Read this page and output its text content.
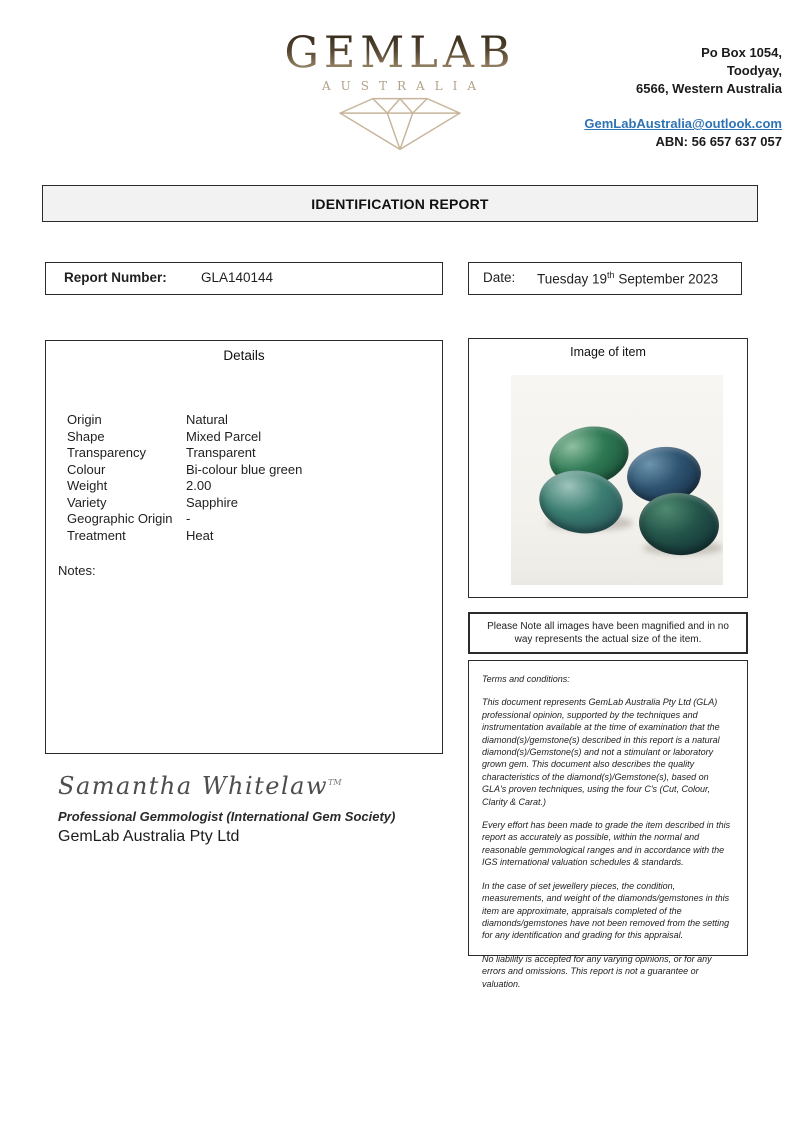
GEMLAB
AUSTRALIA
Po Box 1054,
Toodyay,
6566, Western Australia
GemLabAustralia@outlook.com
ABN: 56 657 637 057
IDENTIFICATION REPORT
Report Number:	GLA140144	Date: Tuesday 19th September 2023
Details
Origin	Natural
Shape	Mixed Parcel
Transparency	Transparent
Colour	Bi-colour blue green
Weight	2.00
Variety	Sapphire
Geographic Origin	-
Treatment	Heat
Notes:
Image of item
Please Note all images have been magnified and in no way represents the actual size of the item.

Terms and conditions:

This document represents GemLab Australia Pty Ltd (GLA) professional opinion, supported by the techniques and instrumentation available at the time of examination that the diamond(s)/gemstone(s) described in this report is a natural diamond(s)/Gemstone(s) and not a stimulant or laboratory grown gem. This document also describes the quality characteristics of the diamond(s)/Gemstone(s), based on GLA's proven techniques, using the four C's (Cut, Colour, Clarity & Carat.)

Every effort has been made to grade the item described in this report as accurately as possible, within the normal and reasonable gemmological ranges and in accordance with the IGS international valuation schedules & standards.

In the case of set jewellery pieces, the condition, measurements, and weight of the diamonds/gemstones in this item are approximate, appraisals completed of the diamonds/gemstones have not been removed from the setting for any identification and grading for this appraisal.

No liability is accepted for any varying opinions, or for any errors and omissions. This report is not a guarantee or valuation.

Samantha Whitelaw™
Professional Gemmologist (International Gem Society)
GemLab Australia Pty Ltd
